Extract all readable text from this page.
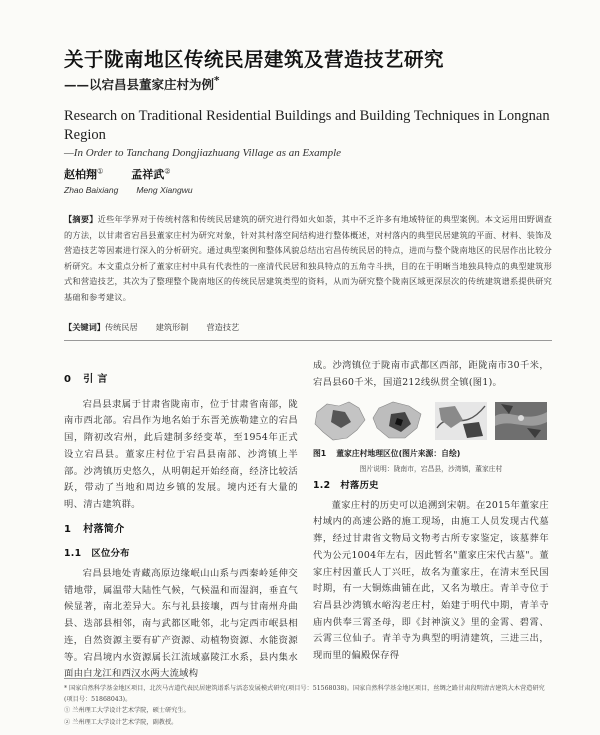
关于陇南地区传统民居建筑及营造技艺研究
——以宕昌县董家庄村为例*
Research on Traditional Residential Buildings and Building Techniques in Longnan Region
—In Order to Tanchang Dongjiazhuang Village as an Example
赵柏翔①	孟祥武②
Zhao Baixiang Meng Xiangwu
【摘要】近些年学界对于传统村落和传统民居建筑的研究进行得如火如荼，其中不乏许多有地域特征的典型案例。本文运用田野调查的方法，以甘肃省宕昌县董家庄村为研究对象，针对其村落空间结构进行整体概述，对村落内的典型民居建筑的平面、材料、装饰及营造技艺等因素进行深入的分析研究。通过典型案例和整体风貌总结出宕昌传统民居的特点，进而与整个陇南地区的民居作出比较分析研究。本文重点分析了董家庄村中具有代表性的一座清代民居和独具特点的五角寺斗拱，目的在于明晰当地独具特点的典型建筑形式和营造技艺，其次为了整理整个陇南地区的传统民居建筑类型的资料，从而为研究整个陇南区域更深层次的传统建筑谱系提供研究基础和参考建议。
【关键词】传统民居 建筑形制 营造技艺
0 引 言

宕昌县隶属于甘肃省陇南市，位于甘肃省南部，陇南市西北部。宕昌作为地名始于东晋羌族勒建立的宕昌国，隋初改宕州，此后建制多经变革，至1954年正式设立宕昌县。董家庄村位于宕昌县南部、沙湾镇上半部。沙湾镇历史悠久，从明朝起开始经商，经济比较活跃，带动了当地和周边乡镇的发展。境内还有大量的明、清古建筑群。

1 村落简介
1.1 区位分布

宕昌县地处青藏高原边缘岷山山系与西秦岭延伸交错地带，属温带大陆性气候，气候温和而湿润，垂直气候显著，南北差异大。东与礼县接壤，西与甘南州舟曲县、迭部县相邻，南与武都区毗邻，北与定西市岷县相连，自然资源主要有矿产资源、动植物资源、水能资源等。宕昌境内水资源属长江流域嘉陵江水系，县内集水面由白龙江和西汉水两大流域构

成。沙湾镇位于陇南市武都区西部，距陇南市30千米，宕昌县60千米，国道212线纵贯全镇(图1)。

图1 董家庄村地理区位(图片来源：自绘)
图片说明：陇南市，宕昌县，沙湾镇，董家庄村
1.2 村落历史

董家庄村的历史可以追溯到宋朝。在2015年董家庄村域内的高速公路的施工现场，由施工人员发现古代墓葬，经过甘肃省文物局文物考古所专家鉴定，该墓葬年代为公元1004年左右，因此暂名"董家庄宋代古墓"。董家庄村因董氏人丁兴旺，故名为董家庄，在清末至民国时期，有一大铜炼曲铺在此，又名为墩庄。青羊寺位于宕昌县沙湾镇水峪沟老庄村，始建于明代中期，青羊寺庙内供奉三霄圣母，即《封神演义》里的金霄、碧霄、云霄三位仙子。青羊寺为典型的明清建筑，三进三出，现而里的偏殿保存得

* 国家自然科学基金地区项目，北茨马古道代表民居建筑谱系与活态发展模式研究(项目号：51568038)。国家自然科学基金地区项目，丝绸之路甘肃段明清古建筑大木营造研究(项目号：51868043)。

① 兰州理工大学设计艺术学院，硕士研究生。

② 兰州理工大学设计艺术学院，副教授。
